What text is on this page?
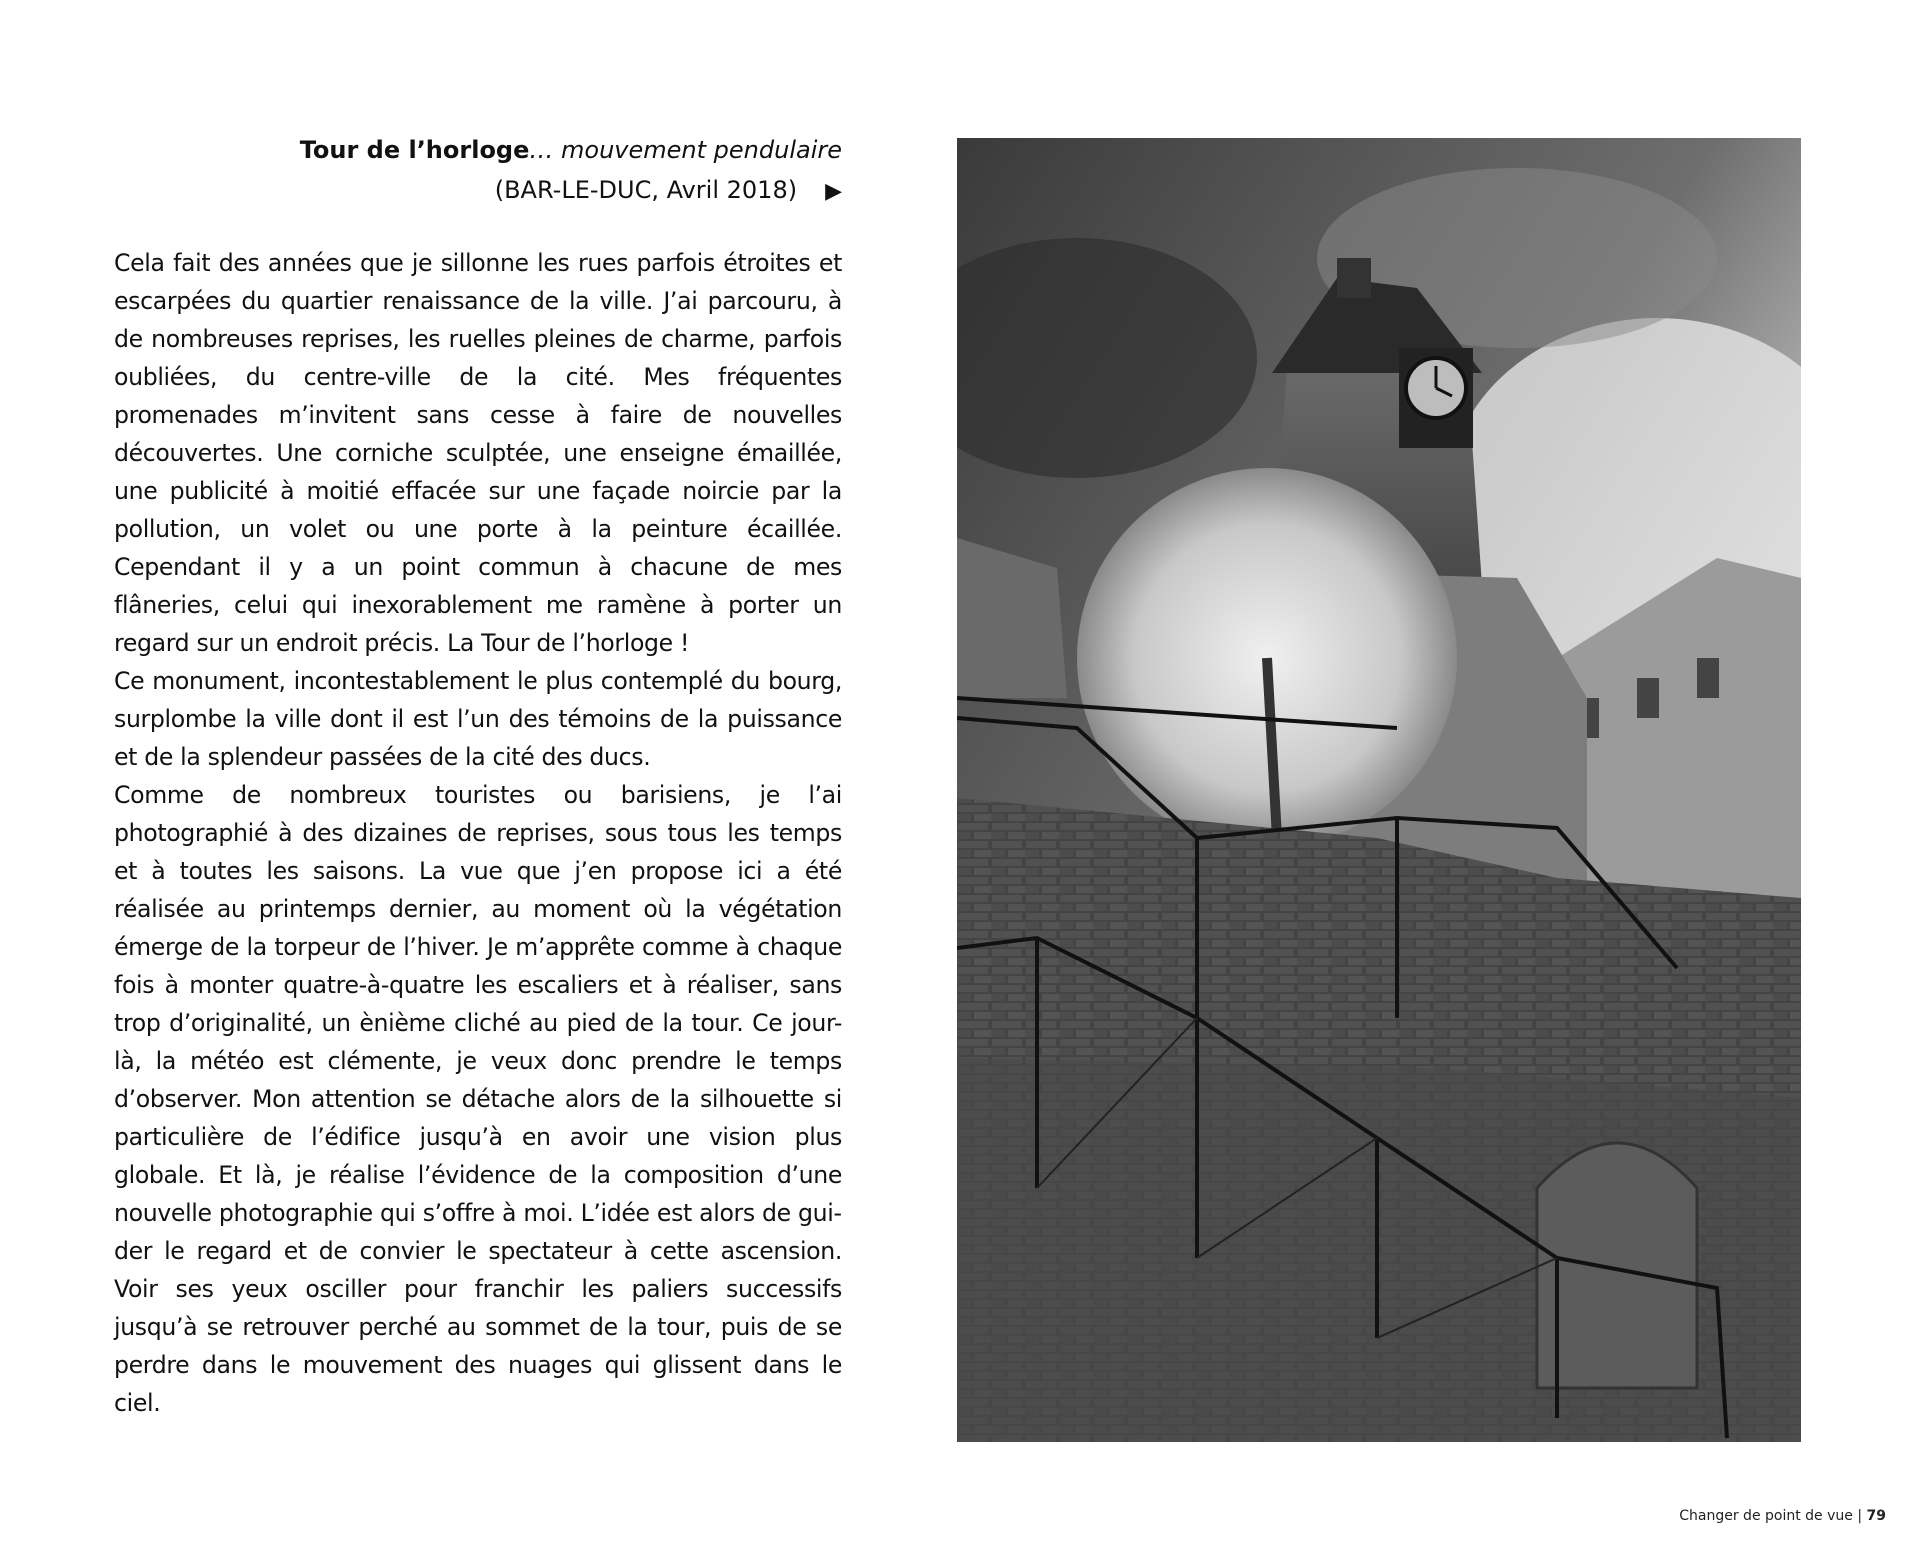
Tour de l’horloge… mouvement pendulaire
(BAR-LE-DUC, Avril 2018) ▶

Cela fait des années que je sillonne les rues parfois étroites et escarpées du quartier renaissance de la ville. J’ai parcouru, à de nombreuses reprises, les ruelles pleines de charme, parfois oubliées, du centre-ville de la cité. Mes fréquentes promenades m’invitent sans cesse à faire de nouvelles découvertes. Une corniche sculptée, une enseigne émaillée, une publicité à moitié effacée sur une façade noircie par la pollution, un volet ou une porte à la peinture écaillée. Cependant il y a un point commun à chacune de mes flâneries, celui qui inexorablement me ramène à porter un regard sur un endroit précis. La Tour de l’horloge !

Ce monument, incontestablement le plus contemplé du bourg, surplombe la ville dont il est l’un des témoins de la puissance et de la splendeur passées de la cité des ducs.

Comme de nombreux touristes ou barisiens, je l’ai photographié à des dizaines de reprises, sous tous les temps et à toutes les saisons. La vue que j’en propose ici a été réalisée au printemps dernier, au moment où la végétation émerge de la torpeur de l’hiver. Je m’apprête comme à chaque fois à monter quatre-à-quatre les escaliers et à réaliser, sans trop d’originalité, un ènième cliché au pied de la tour. Ce jour-là, la météo est clémente, je veux donc prendre le temps d’observer. Mon attention se détache alors de la silhouette si particulière de l’édifice jusqu’à en avoir une vision plus globale. Et là, je réalise l’évidence de la composition d’une nouvelle photographie qui s’offre à moi. L’idée est alors de guider le regard et de convier le spectateur à cette ascension. Voir ses yeux osciller pour franchir les paliers successifs jusqu’à se retrouver perché au sommet de la tour, puis de se perdre dans le mouvement des nuages qui glissent dans le ciel.

Changer de point de vue | 79
